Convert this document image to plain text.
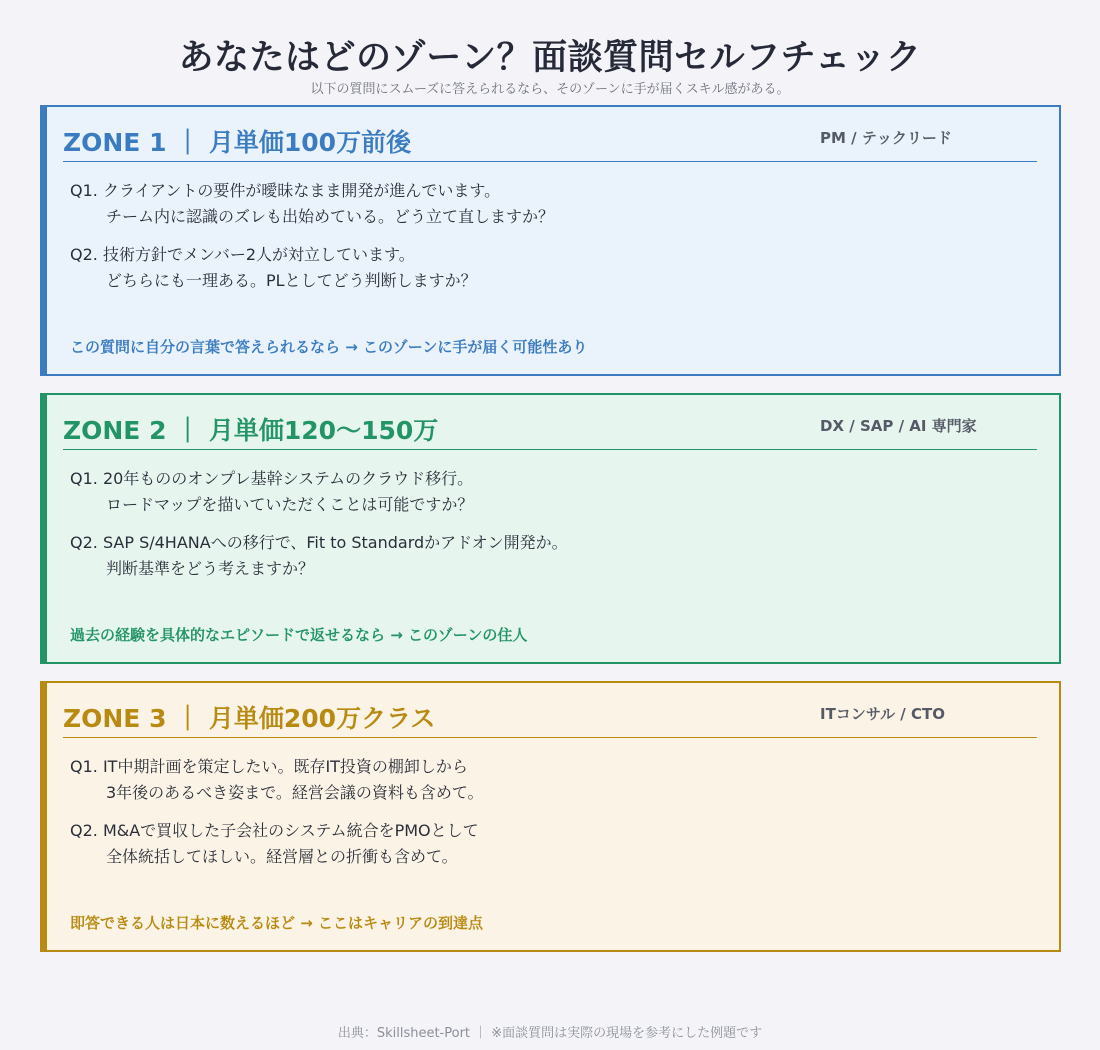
あなたはどのゾーン？面談質問セルフチェック
以下の質問にスムーズに答えられるなら、そのゾーンに手が届くスキル感がある。
ZONE 1 ｜ 月単価100万前後	PM / テックリード
Q1. クライアントの要件が曖昧なまま開発が進んでいます。
チーム内に認識のズレも出始めている。どう立て直しますか？
Q2. 技術方針でメンバー2人が対立しています。
どちらにも一理ある。PLとしてどう判断しますか？
この質問に自分の言葉で答えられるなら → このゾーンに手が届く可能性あり
ZONE 2 ｜ 月単価120〜150万	DX / SAP / AI 専門家
Q1. 20年もののオンプレ基幹システムのクラウド移行。
ロードマップを描いていただくことは可能ですか？
Q2. SAP S/4HANAへの移行で、Fit to Standardかアドオン開発か。
判断基準をどう考えますか？
過去の経験を具体的なエピソードで返せるなら → このゾーンの住人
ZONE 3 ｜ 月単価200万クラス	ITコンサル / CTO
Q1. IT中期計画を策定したい。既存IT投資の棚卸しから
3年後のあるべき姿まで。経営会議の資料も含めて。
Q2. M&Aで買収した子会社のシステム統合をPMOとして
全体統括してほしい。経営層との折衝も含めて。
即答できる人は日本に数えるほど → ここはキャリアの到達点
出典：Skillsheet-Port ｜ ※面談質問は実際の現場を参考にした例題です
